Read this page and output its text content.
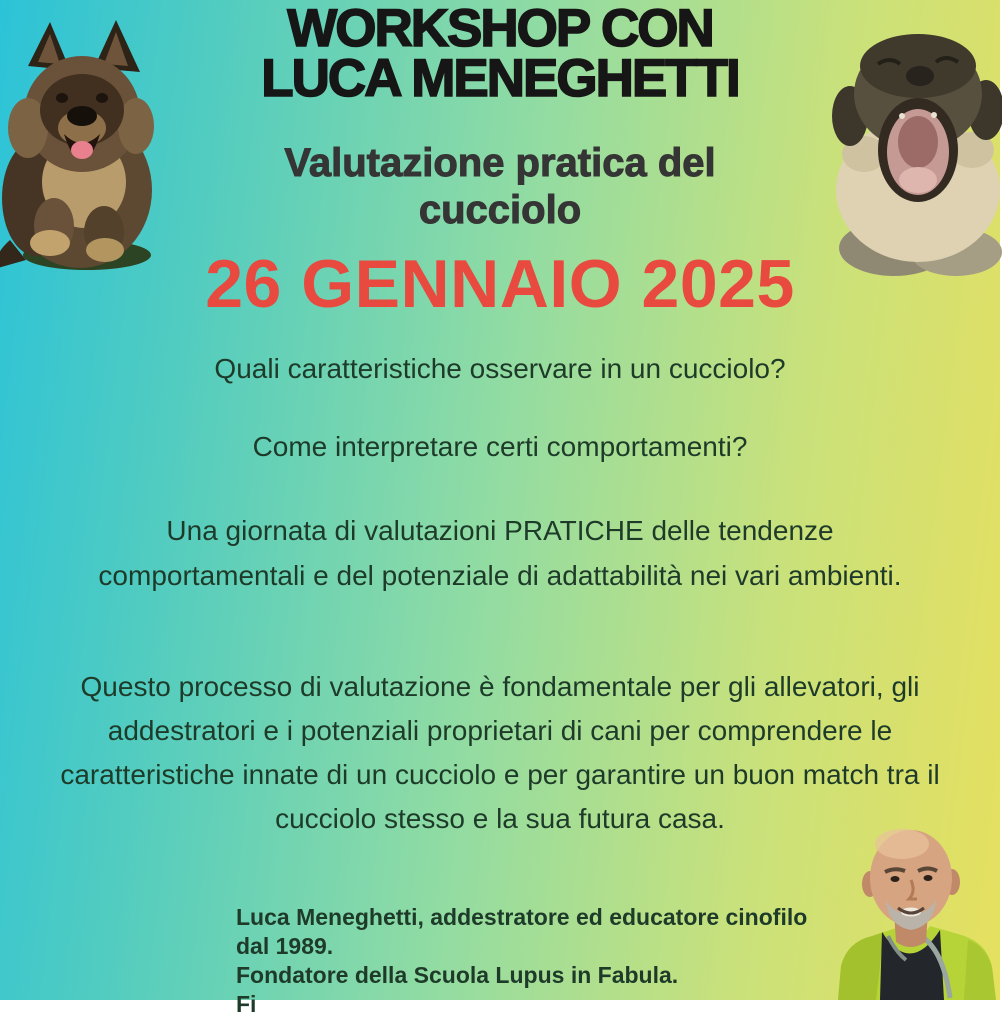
WORKSHOP CON
LUCA MENEGHETTI
Valutazione pratica del cucciolo
26 GENNAIO 2025
Quali caratteristiche osservare in un cucciolo?
Come interpretare certi comportamenti?

Una giornata di valutazioni PRATICHE delle tendenze comportamentali e del potenziale di adattabilità nei vari ambienti.

Questo processo di valutazione è fondamentale per gli allevatori, gli addestratori e i potenziali proprietari di cani per comprendere le caratteristiche innate di un cucciolo e per garantire un buon match tra il cucciolo stesso e la sua futura casa.

Luca Meneghetti, addestratore ed educatore cinofilo
dal 1989.
Fondatore della Scuola Lupus in Fabula.
Fi
